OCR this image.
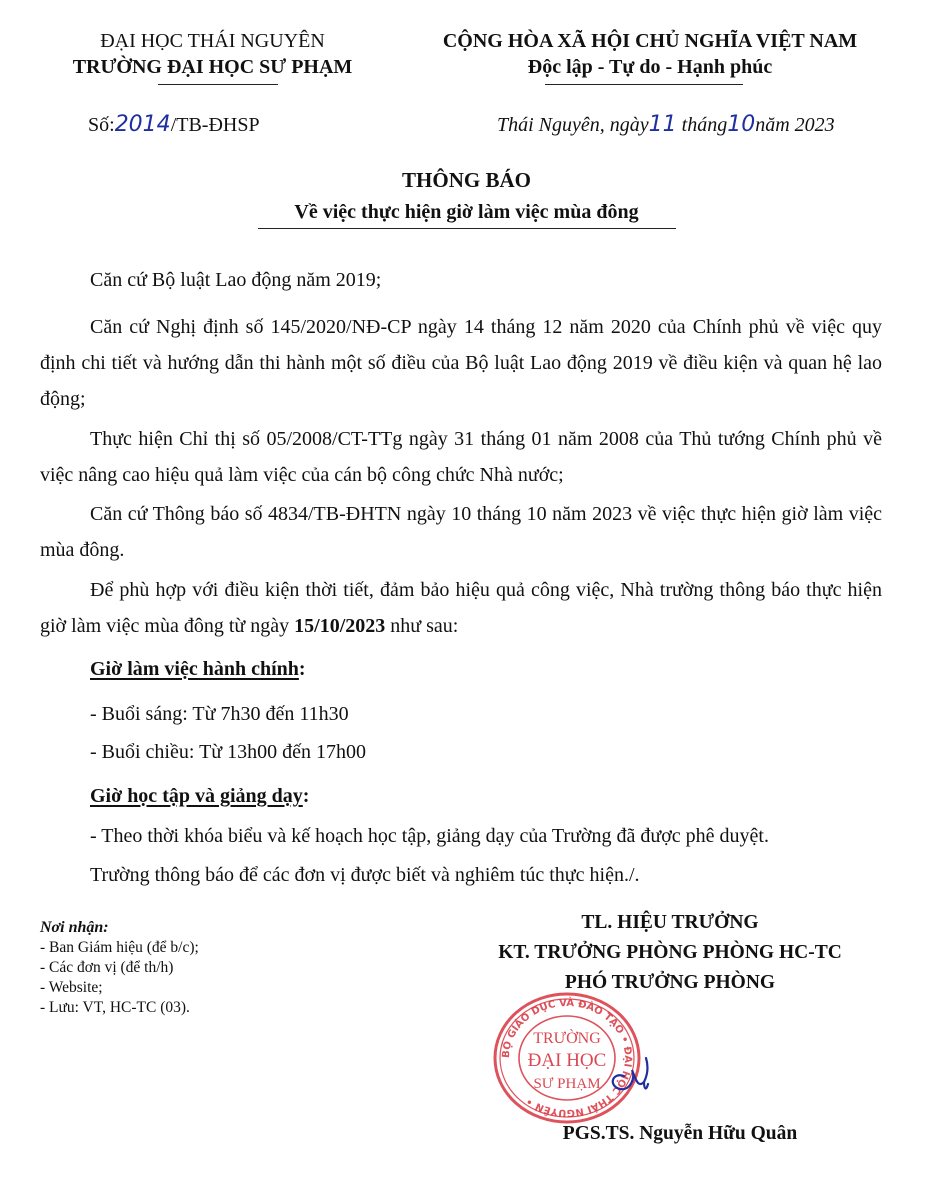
ĐẠI HỌC THÁI NGUYÊN
TRƯỜNG ĐẠI HỌC SƯ PHẠM
CỘNG HÒA XÃ HỘI CHỦ NGHĨA VIỆT NAM
Độc lập - Tự do - Hạnh phúc
Số:2014/TB-ĐHSP	Thái Nguyên, ngày11 tháng10năm 2023
THÔNG BÁO
Về việc thực hiện giờ làm việc mùa đông
Căn cứ Bộ luật Lao động năm 2019;
Căn cứ Nghị định số 145/2020/NĐ-CP ngày 14 tháng 12 năm 2020 của Chính phủ về việc quy định chi tiết và hướng dẫn thi hành một số điều của Bộ luật Lao động 2019 về điều kiện và quan hệ lao động;
Thực hiện Chỉ thị số 05/2008/CT-TTg ngày 31 tháng 01 năm 2008 của Thủ tướng Chính phủ về việc nâng cao hiệu quả làm việc của cán bộ công chức Nhà nước;
Căn cứ Thông báo số 4834/TB-ĐHTN ngày 10 tháng 10 năm 2023 về việc thực hiện giờ làm việc mùa đông.
Để phù hợp với điều kiện thời tiết, đảm bảo hiệu quả công việc, Nhà trường thông báo thực hiện giờ làm việc mùa đông từ ngày 15/10/2023 như sau:
Giờ làm việc hành chính:
- Buổi sáng: Từ 7h30 đến 11h30
- Buổi chiều: Từ 13h00 đến 17h00
Giờ học tập và giảng dạy:
- Theo thời khóa biểu và kế hoạch học tập, giảng dạy của Trường đã được phê duyệt.
Trường thông báo để các đơn vị được biết và nghiêm túc thực hiện./.
Nơi nhận:
- Ban Giám hiệu (để b/c);
- Các đơn vị (để th/h)
- Website;
- Lưu: VT, HC-TC (03).
TL. HIỆU TRƯỞNG
KT. TRƯỞNG PHÒNG PHÒNG HC-TC
PHÓ TRƯỞNG PHÒNG
BỘ GIÁO DỤC VÀ ĐÀO TẠO • ĐẠI HỌC THÁI NGUYÊN •
TRƯỜNG
ĐẠI HỌC
SƯ PHẠM
PGS.TS. Nguyễn Hữu Quân
